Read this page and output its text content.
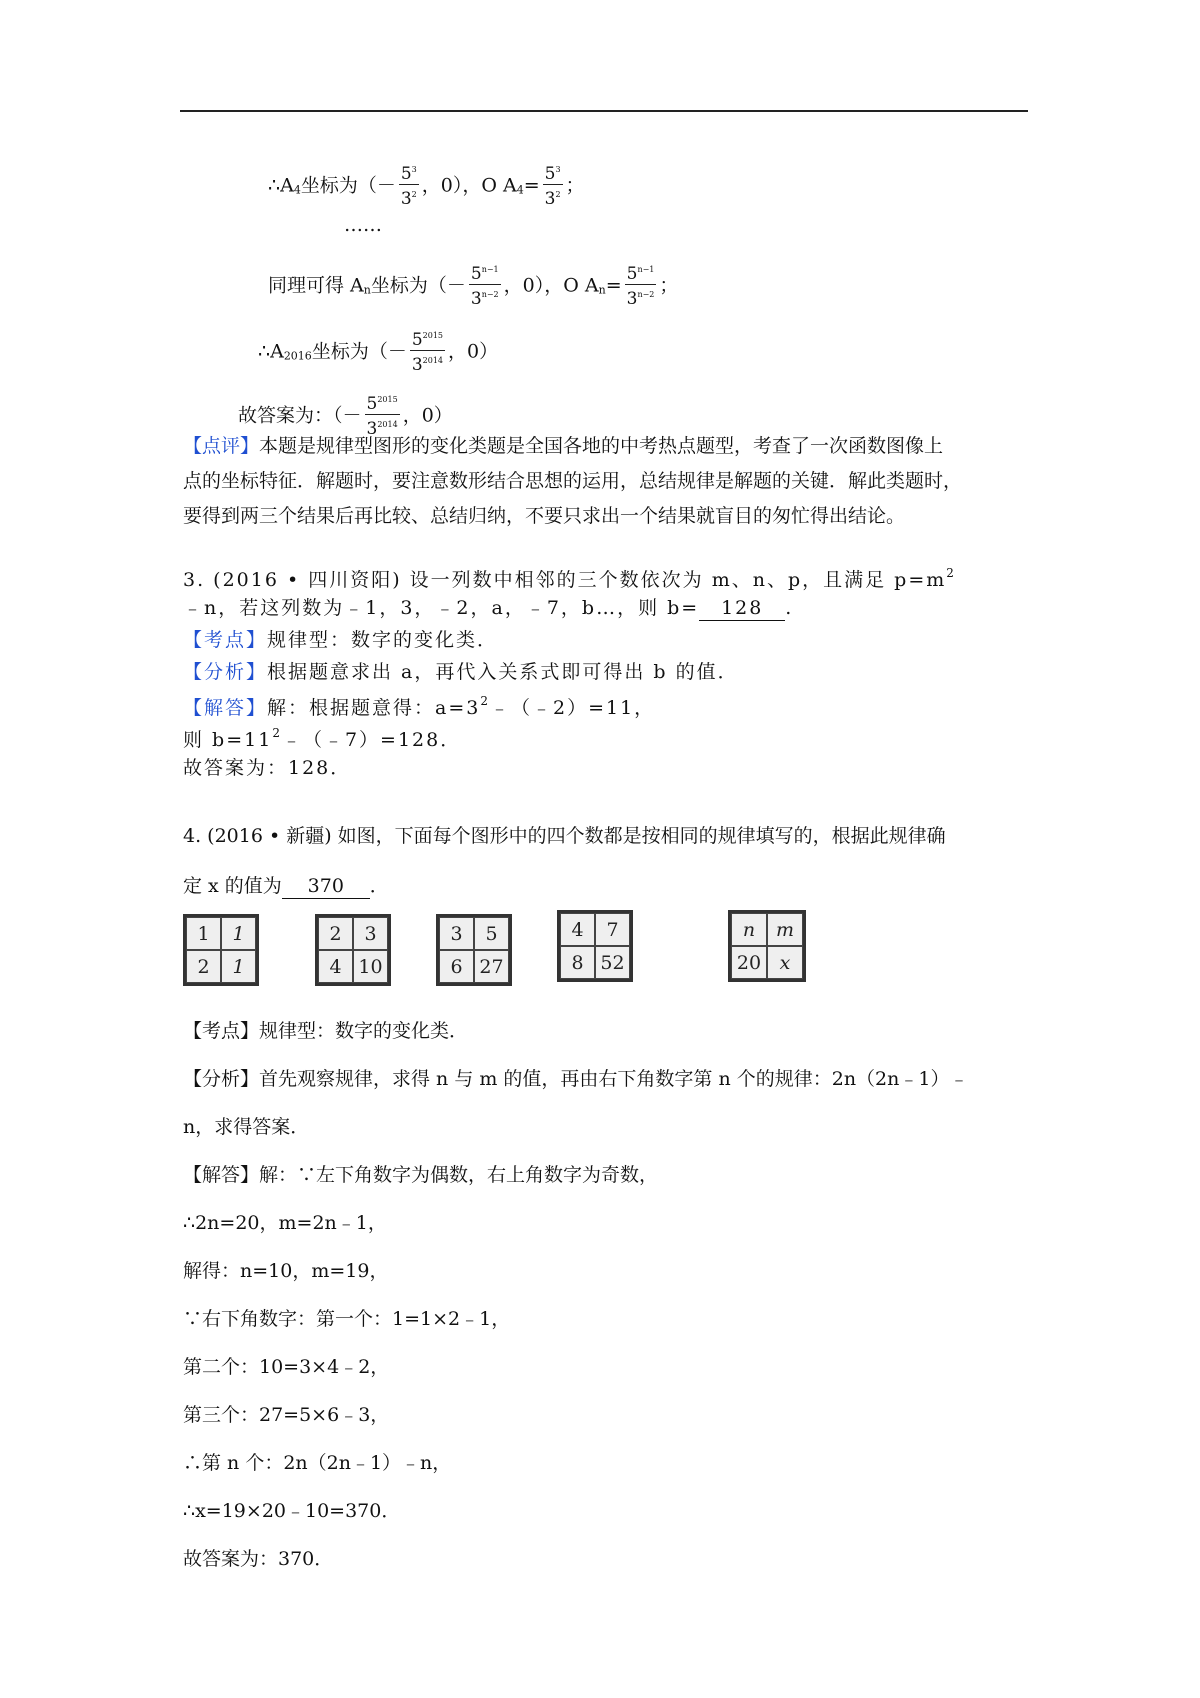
∴A4坐标为（－ $\frac{5^3}{3^2}$ ，0），O $A4= \frac{5^3}{3^2}$ ；
……
同理可得 An坐标为（－ $\frac{5^{n-1}}{3^{n-2}}$ ，0），O $An= \frac{5^{n-1}}{3^{n-2}}$ ；
∴A2016坐标为（－ $\frac{5^{2015}}{3^{2014}}$ ，0）
故答案为：（－ $\frac{5^{2015}}{3^{2014}}$ ，0）
【点评】本题是规律型图形的变化类题是全国各地的中考热点题型，考查了一次函数图像上
点的坐标特征．解题时，要注意数形结合思想的运用，总结规律是解题的关键．解此类题时，
要得到两三个结果后再比较、总结归纳，不要只求出一个结果就盲目的匆忙得出结论。
3. (2016 • 四川资阳) 设一列数中相邻的三个数依次为 m、n、p，且满足 $p=m^2$
﹣n，若这列数为﹣1，3，﹣2，a，﹣7，b…，则 b= 128 .
【考点】规律型：数字的变化类．
【分析】根据题意求出 a，再代入关系式即可得出 b 的值．
【解答】解：根据题意得：$a=3^2﹣(﹣2)=11$，
则 $b=11^2﹣(﹣7)=128$．
故答案为：128．
4. (2016 • 新疆) 如图，下面每个图形中的四个数都是按相同的规律填写的，根据此规律确
定 x 的值为 370 ．
1	1
2	1
2	3
4 10
3	5
6 27
4	7
8 52
n	m
20 x
【考点】规律型：数字的变化类．
【分析】首先观察规律，求得 n 与 m 的值，再由右下角数字第 n 个的规律：2n（2n﹣1）﹣
n，求得答案．
【解答】解：∵左下角数字为偶数，右上角数字为奇数，
∴2n=20，m=2n﹣1，
解得：n=10，m=19，
∵右下角数字：第一个：1=1×2﹣1，
第二个：10=3×4﹣2，
第三个：27=5×6﹣3，
∴第 n 个：2n（2n﹣1）﹣n，
∴x=19×20﹣10=370．
故答案为：370．
